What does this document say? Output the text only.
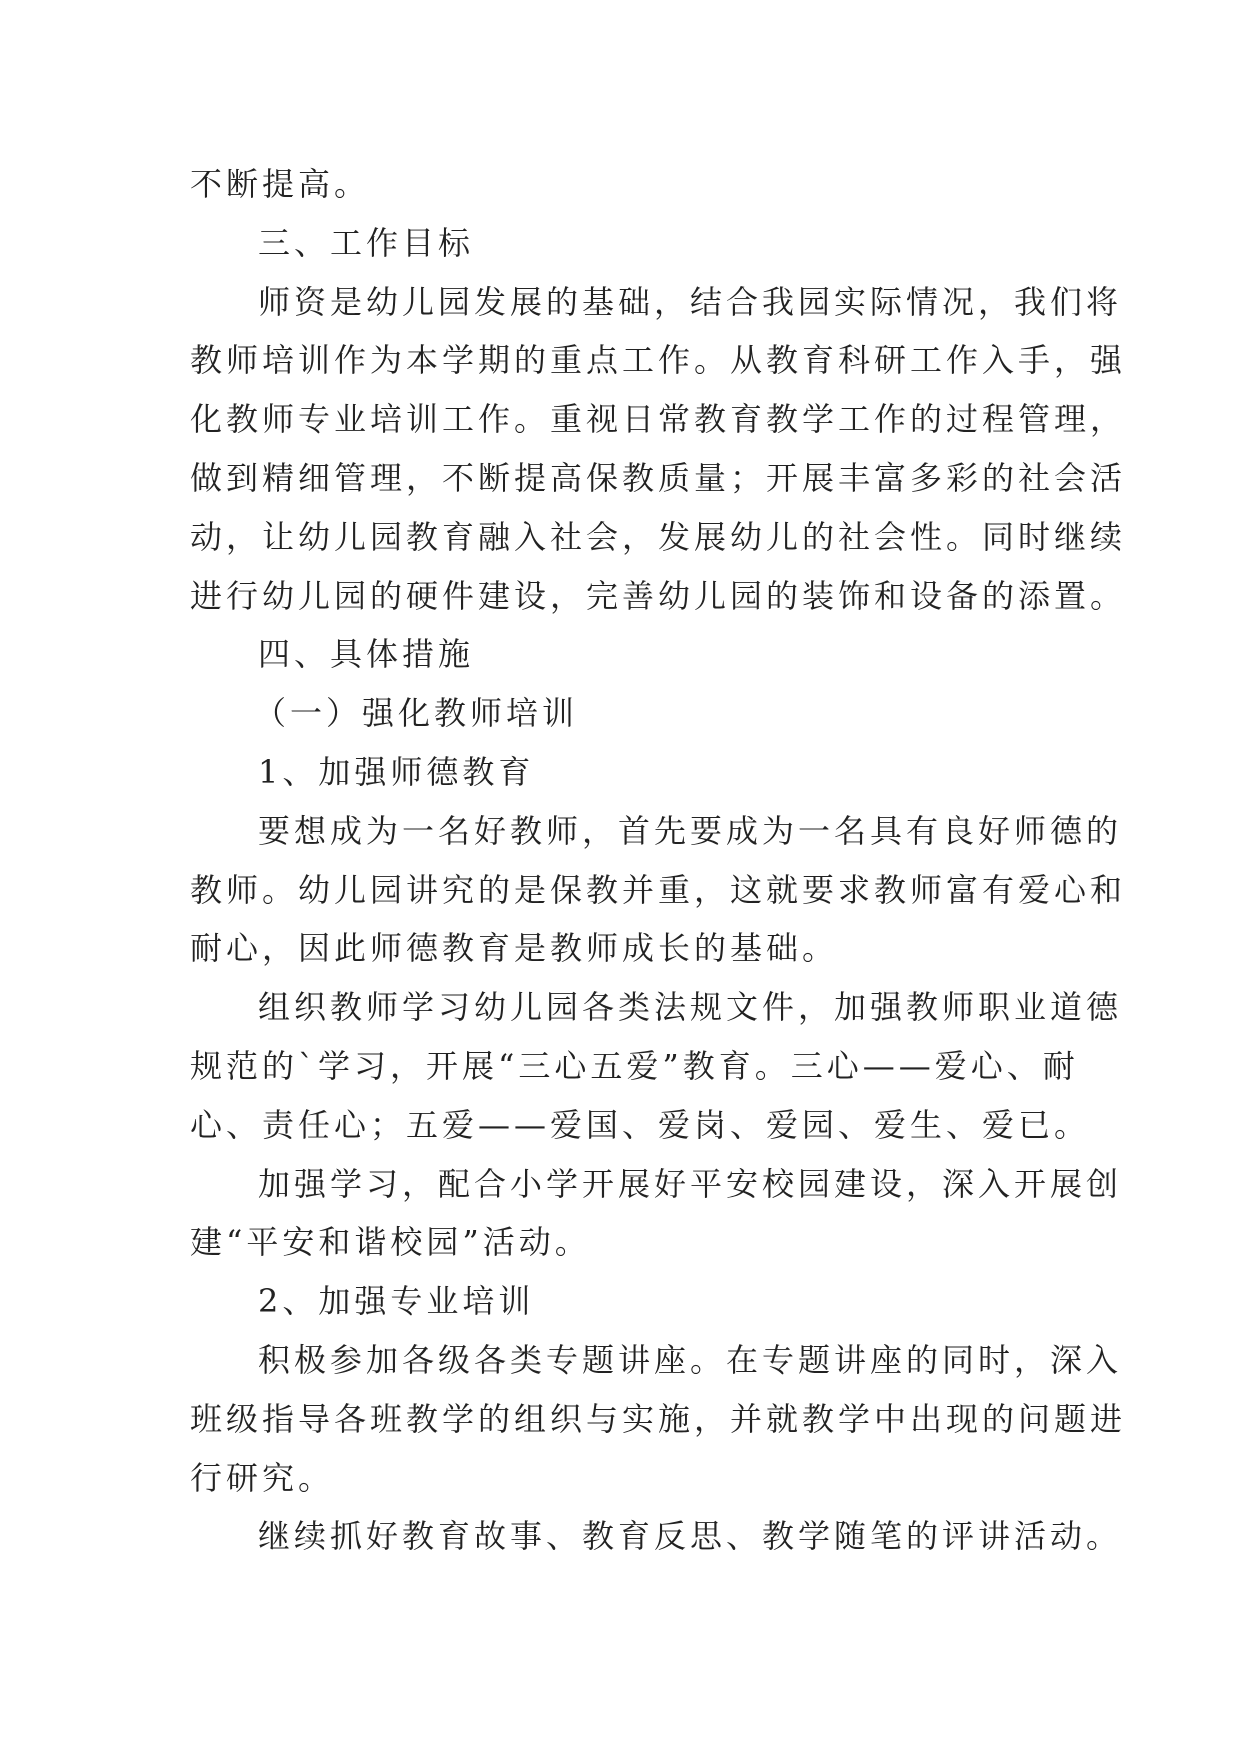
不断提高。
三、工作目标
师资是幼儿园发展的基础，结合我园实际情况，我们将
教师培训作为本学期的重点工作。从教育科研工作入手，强
化教师专业培训工作。重视日常教育教学工作的过程管理，
做到精细管理，不断提高保教质量；开展丰富多彩的社会活
动，让幼儿园教育融入社会，发展幼儿的社会性。同时继续
进行幼儿园的硬件建设，完善幼儿园的装饰和设备的添置。
四、具体措施
（一）强化教师培训
1、加强师德教育
要想成为一名好教师，首先要成为一名具有良好师德的
教师。幼儿园讲究的是保教并重，这就要求教师富有爱心和
耐心，因此师德教育是教师成长的基础。
组织教师学习幼儿园各类法规文件，加强教师职业道德
规范的`学习，开展“三心五爱”教育。三心——爱心、耐
心、责任心；五爱——爱国、爱岗、爱园、爱生、爱已。
加强学习，配合小学开展好平安校园建设，深入开展创
建“平安和谐校园”活动。
2、加强专业培训
积极参加各级各类专题讲座。在专题讲座的同时，深入
班级指导各班教学的组织与实施，并就教学中出现的问题进
行研究。
继续抓好教育故事、教育反思、教学随笔的评讲活动。
